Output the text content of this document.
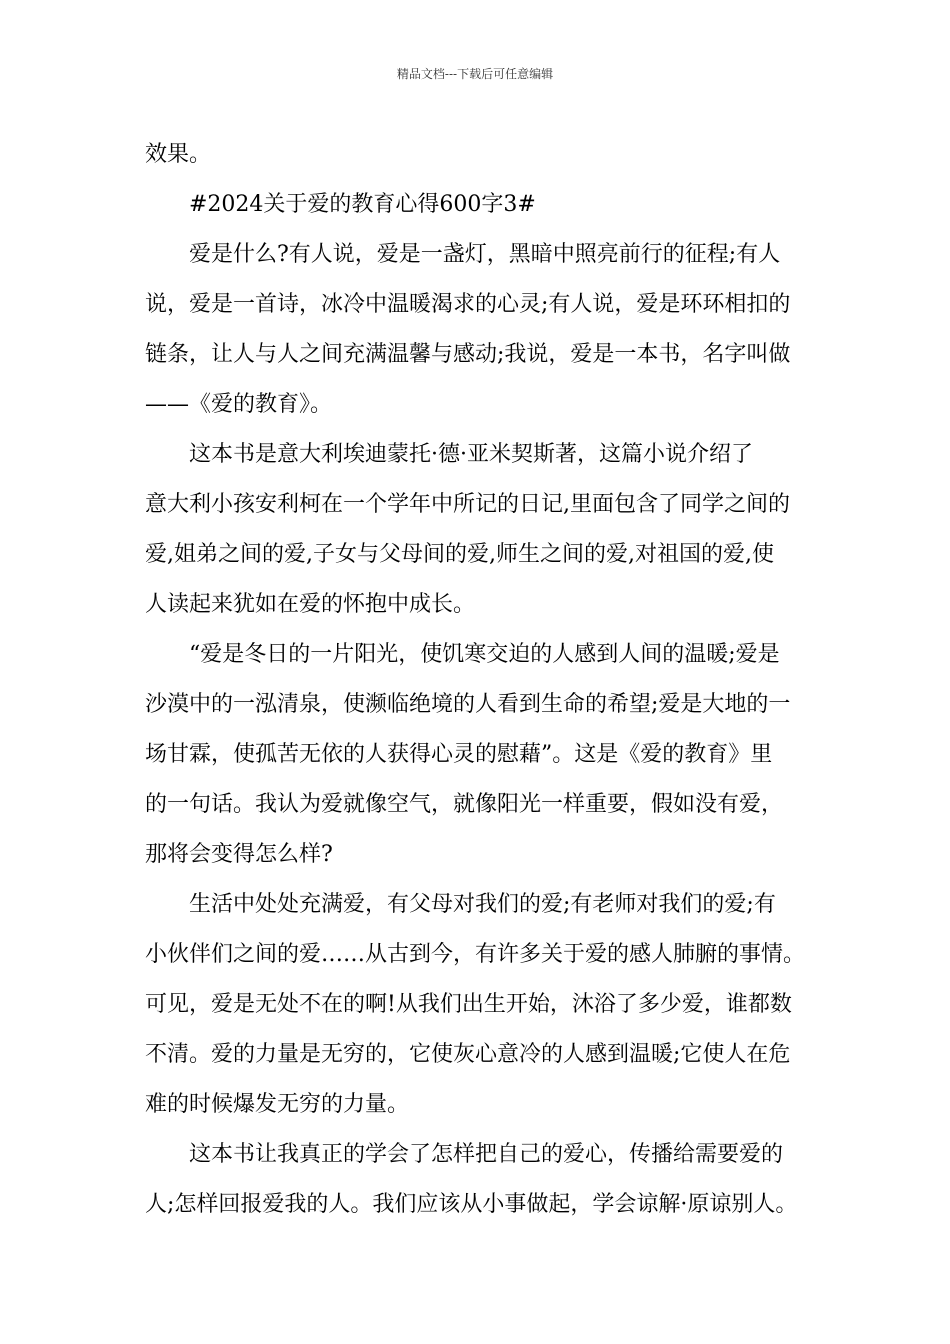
精品文档---下载后可任意编辑
效果。
#2024关于爱的教育心得600字3#
爱是什么?有人说，爱是一盏灯，黑暗中照亮前行的征程;有人
说，爱是一首诗，冰冷中温暖渴求的心灵;有人说，爱是环环相扣的
链条，让人与人之间充满温馨与感动;我说，爱是一本书，名字叫做
——《爱的教育》。
这本书是意大利埃迪蒙托·德·亚米契斯著，这篇小说介绍了
意大利小孩安利柯在一个学年中所记的日记,里面包含了同学之间的
爱,姐弟之间的爱,子女与父母间的爱,师生之间的爱,对祖国的爱,使
人读起来犹如在爱的怀抱中成长。
“爱是冬日的一片阳光，使饥寒交迫的人感到人间的温暖;爱是
沙漠中的一泓清泉，使濒临绝境的人看到生命的希望;爱是大地的一
场甘霖，使孤苦无依的人获得心灵的慰藉”。这是《爱的教育》里
的一句话。我认为爱就像空气，就像阳光一样重要，假如没有爱，
那将会变得怎么样?
生活中处处充满爱，有父母对我们的爱;有老师对我们的爱;有
小伙伴们之间的爱……从古到今，有许多关于爱的感人肺腑的事情。
可见，爱是无处不在的啊!从我们出生开始，沐浴了多少爱，谁都数
不清。爱的力量是无穷的，它使灰心意冷的人感到温暖;它使人在危
难的时候爆发无穷的力量。
这本书让我真正的学会了怎样把自己的爱心，传播给需要爱的
人;怎样回报爱我的人。我们应该从小事做起，学会谅解·原谅别人。
